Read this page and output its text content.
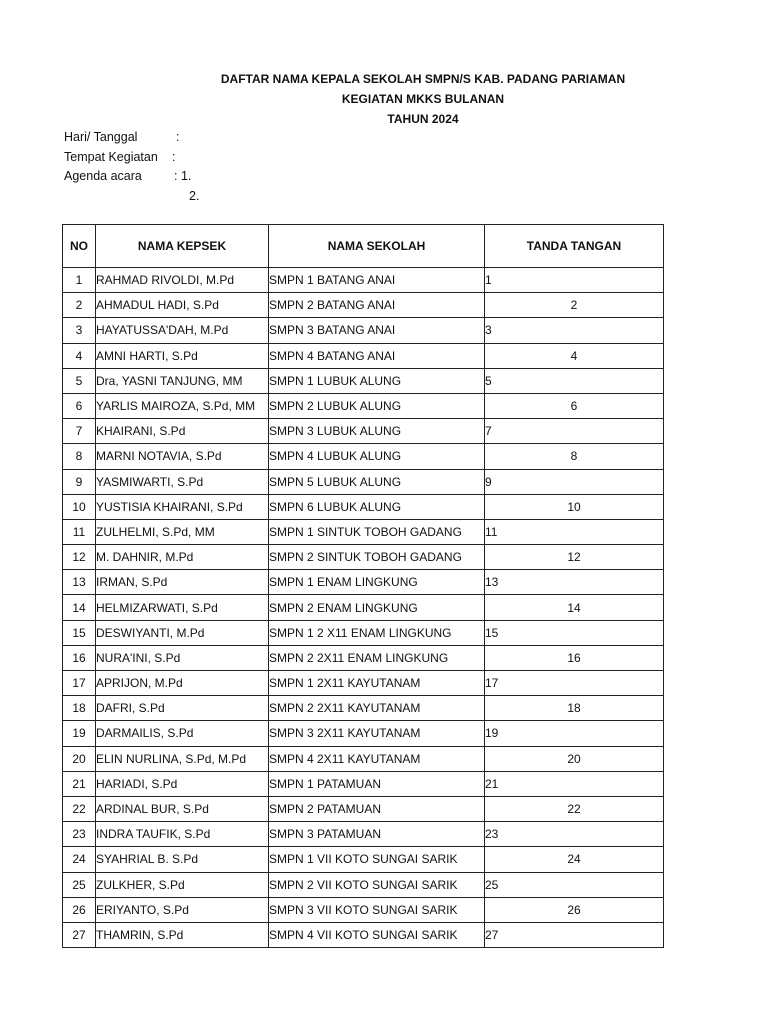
DAFTAR NAMA KEPALA SEKOLAH SMPN/S KAB. PADANG PARIAMAN
KEGIATAN MKKS BULANAN
TAHUN 2024
Hari/ Tanggal	:
Tempat Kegiatan :
Agenda acara	: 1.
2.
NO	NAMA KEPSEK	NAMA SEKOLAH	TANDA TANGAN
1	RAHMAD RIVOLDI, M.Pd	SMPN 1 BATANG ANAI	1
2	AHMADUL HADI, S.Pd	SMPN 2 BATANG ANAI	2
3	HAYATUSSA'DAH, M.Pd	SMPN 3 BATANG ANAI	3
4	AMNI HARTI, S.Pd	SMPN 4 BATANG ANAI	4
5	Dra, YASNI TANJUNG, MM	SMPN 1 LUBUK ALUNG	5
6	YARLIS MAIROZA, S.Pd, MM	SMPN 2 LUBUK ALUNG	6
7	KHAIRANI, S.Pd	SMPN 3 LUBUK ALUNG	7
8	MARNI NOTAVIA, S.Pd	SMPN 4 LUBUK ALUNG	8
9	YASMIWARTI, S.Pd	SMPN 5 LUBUK ALUNG	9
10	YUSTISIA KHAIRANI, S.Pd	SMPN 6 LUBUK ALUNG	10
11	ZULHELMI, S.Pd, MM	SMPN 1 SINTUK TOBOH GADANG	11
12	M. DAHNIR, M.Pd	SMPN 2 SINTUK TOBOH GADANG	12
13	IRMAN, S.Pd	SMPN 1 ENAM LINGKUNG	13
14	HELMIZARWATI, S.Pd	SMPN 2 ENAM LINGKUNG	14
15	DESWIYANTI, M.Pd	SMPN 1 2 X11 ENAM LINGKUNG	15
16	NURA'INI, S.Pd	SMPN 2 2X11 ENAM LINGKUNG	16
17	APRIJON, M.Pd	SMPN 1 2X11 KAYUTANAM	17
18	DAFRI, S.Pd	SMPN 2 2X11 KAYUTANAM	18
19	DARMAILIS, S.Pd	SMPN 3 2X11 KAYUTANAM	19
20	ELIN NURLINA, S.Pd, M.Pd	SMPN 4 2X11 KAYUTANAM	20
21	HARIADI, S.Pd	SMPN 1 PATAMUAN	21
22	ARDINAL BUR, S.Pd	SMPN 2 PATAMUAN	22
23	INDRA TAUFIK, S.Pd	SMPN 3 PATAMUAN	23
24	SYAHRIAL B. S.Pd	SMPN 1 VII KOTO SUNGAI SARIK	24
25	ZULKHER, S.Pd	SMPN 2 VII KOTO SUNGAI SARIK	25
26	ERIYANTO, S.Pd	SMPN 3 VII KOTO SUNGAI SARIK	26
27	THAMRIN, S.Pd	SMPN 4 VII KOTO SUNGAI SARIK	27
